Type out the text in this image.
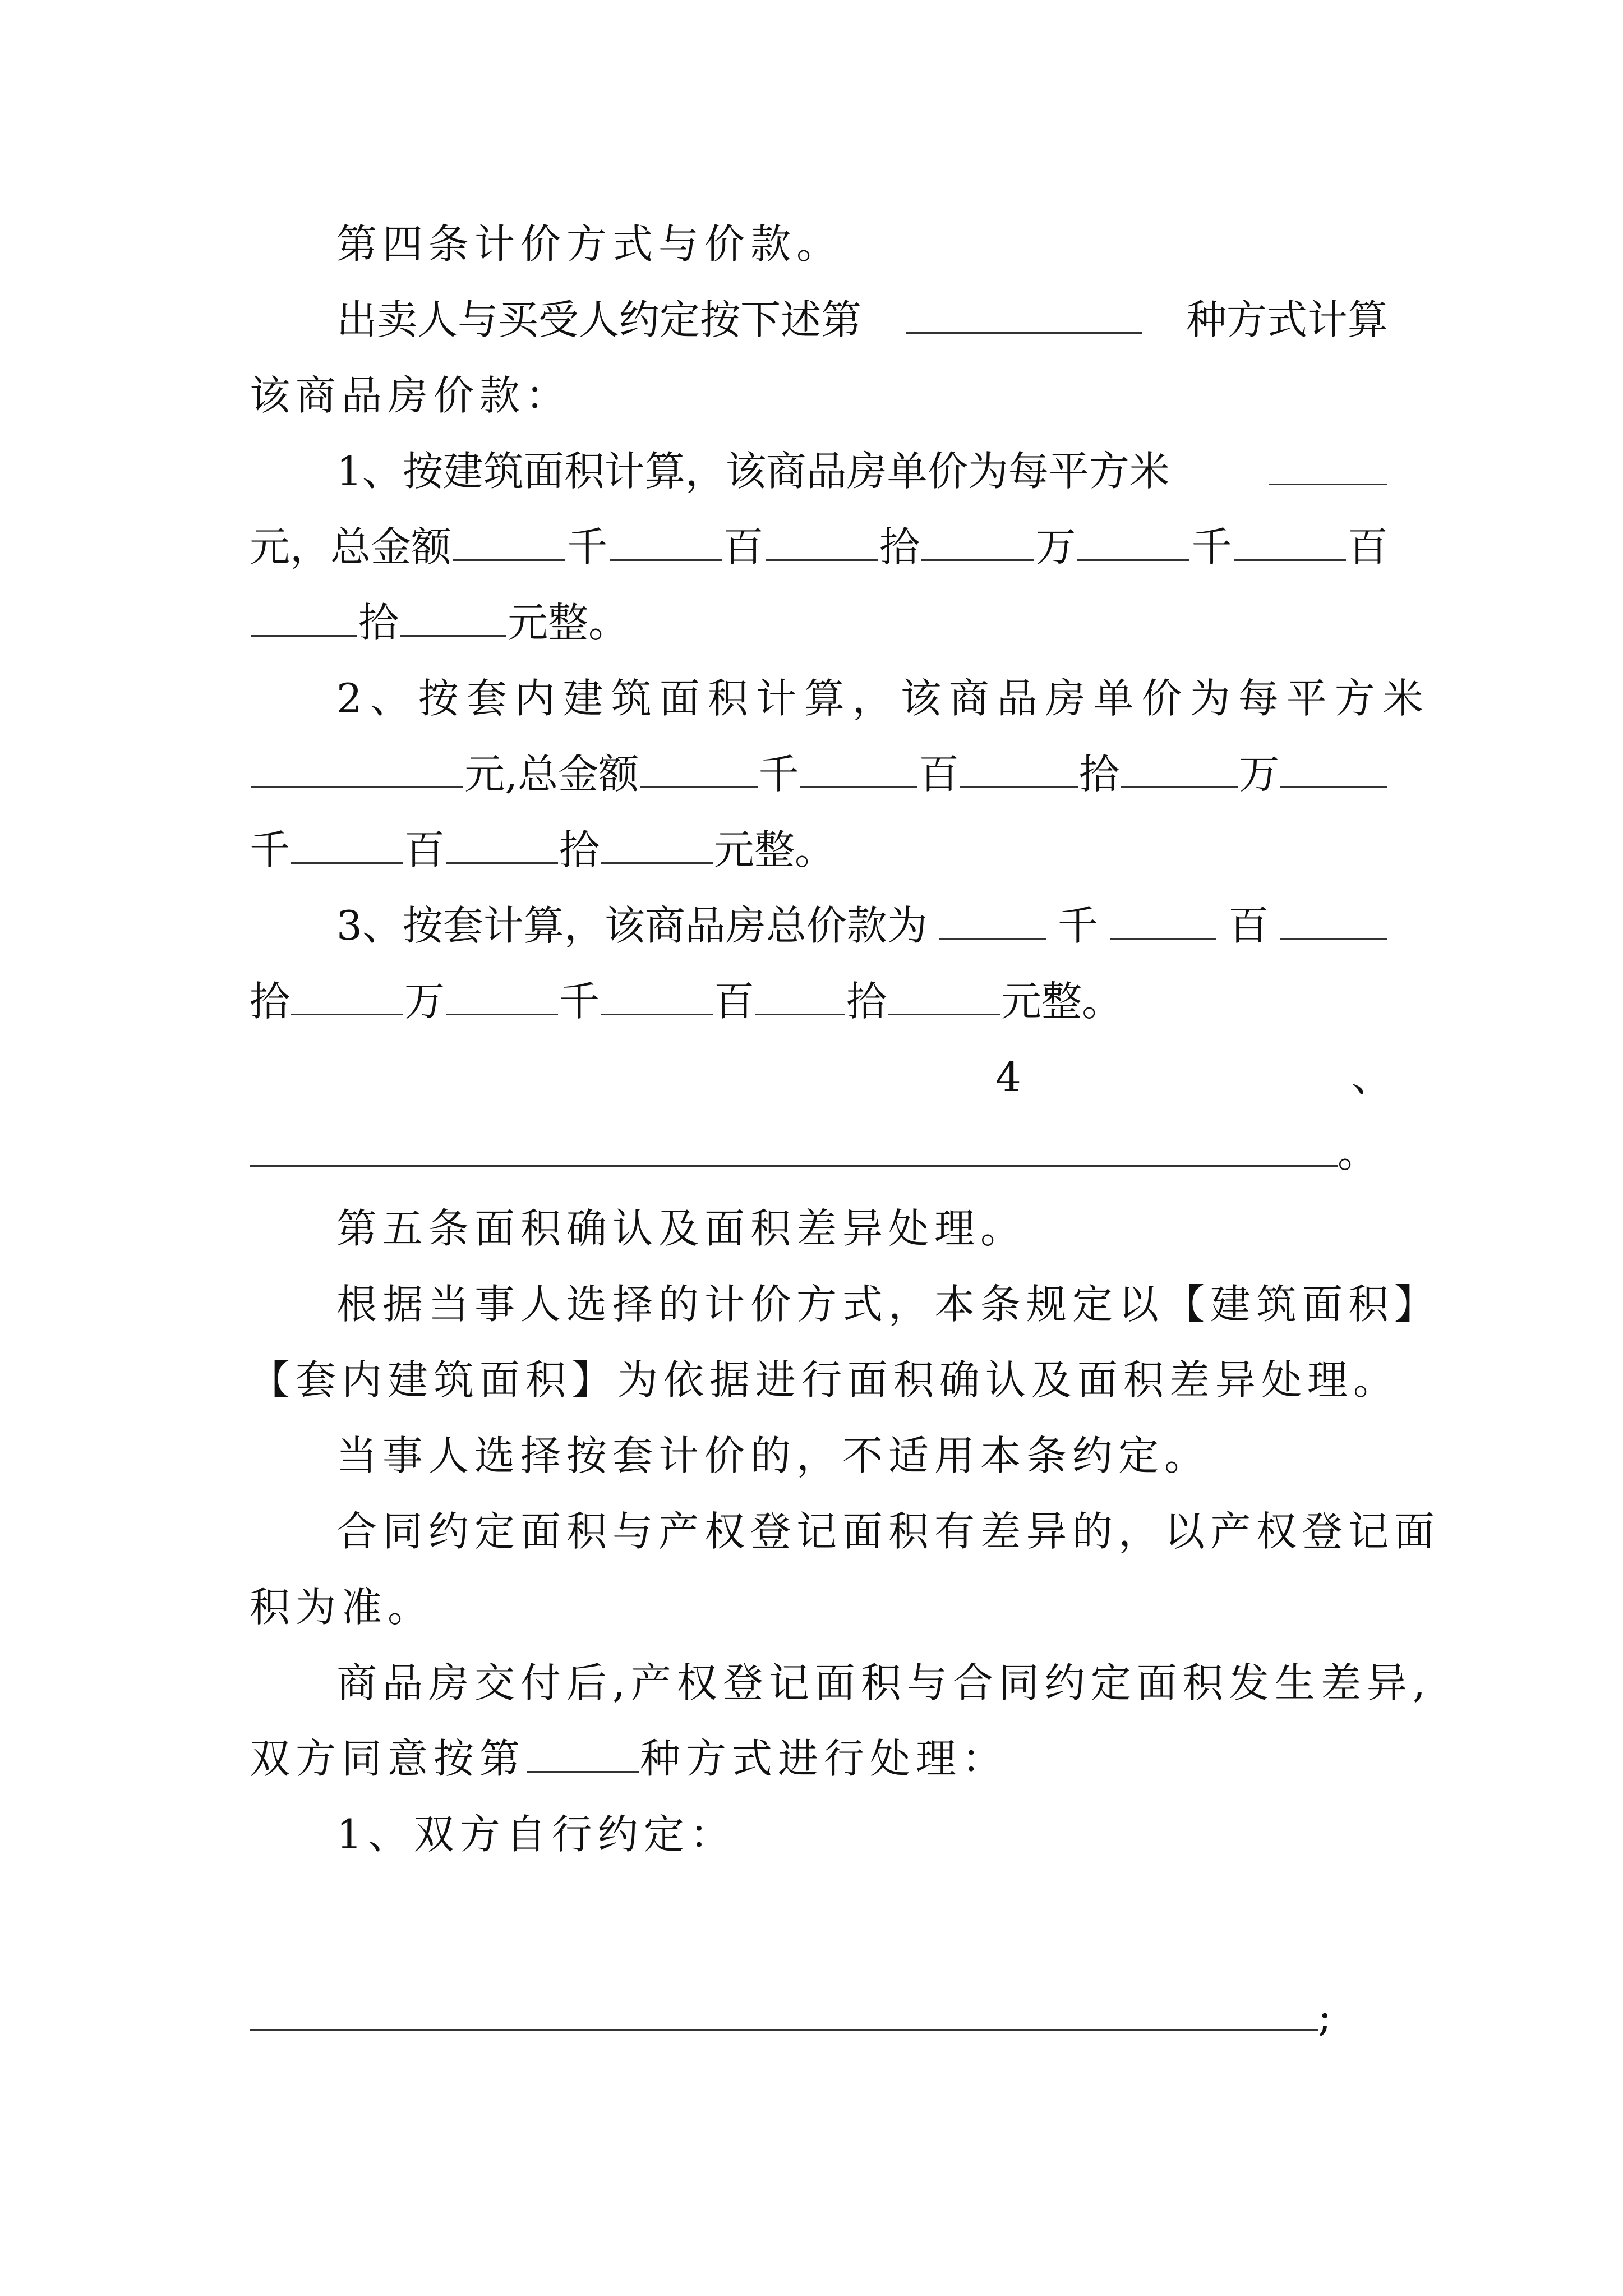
第四条计价方式与价款。
出卖人与买受人约定按下述第	种方式计算
该商品房价款：
1、按建筑面积计算，该商品房单价为每平方米
元，总金额	千	百	拾	万	千	百
拾	元整。
2、按套内建筑面积计算，该商品房单价为每平方米
元,总金额	千	百	拾	万
千	百	拾	元整。
3、按套计算，该商品房总价款为	千	百
拾	万	千	百 拾	元整。
4	、
。
第五条面积确认及面积差异处理。
根据当事人选择的计价方式，本条规定以【建筑面积】
【套内建筑面积】为依据进行面积确认及面积差异处理。
当事人选择按套计价的，不适用本条约定。
合同约定面积与产权登记面积有差异的，以产权登记面
积为准。
商品房交付后,产权登记面积与合同约定面积发生差异,
双方同意按第	种方式进行处理：
1、双方自行约定：
;
